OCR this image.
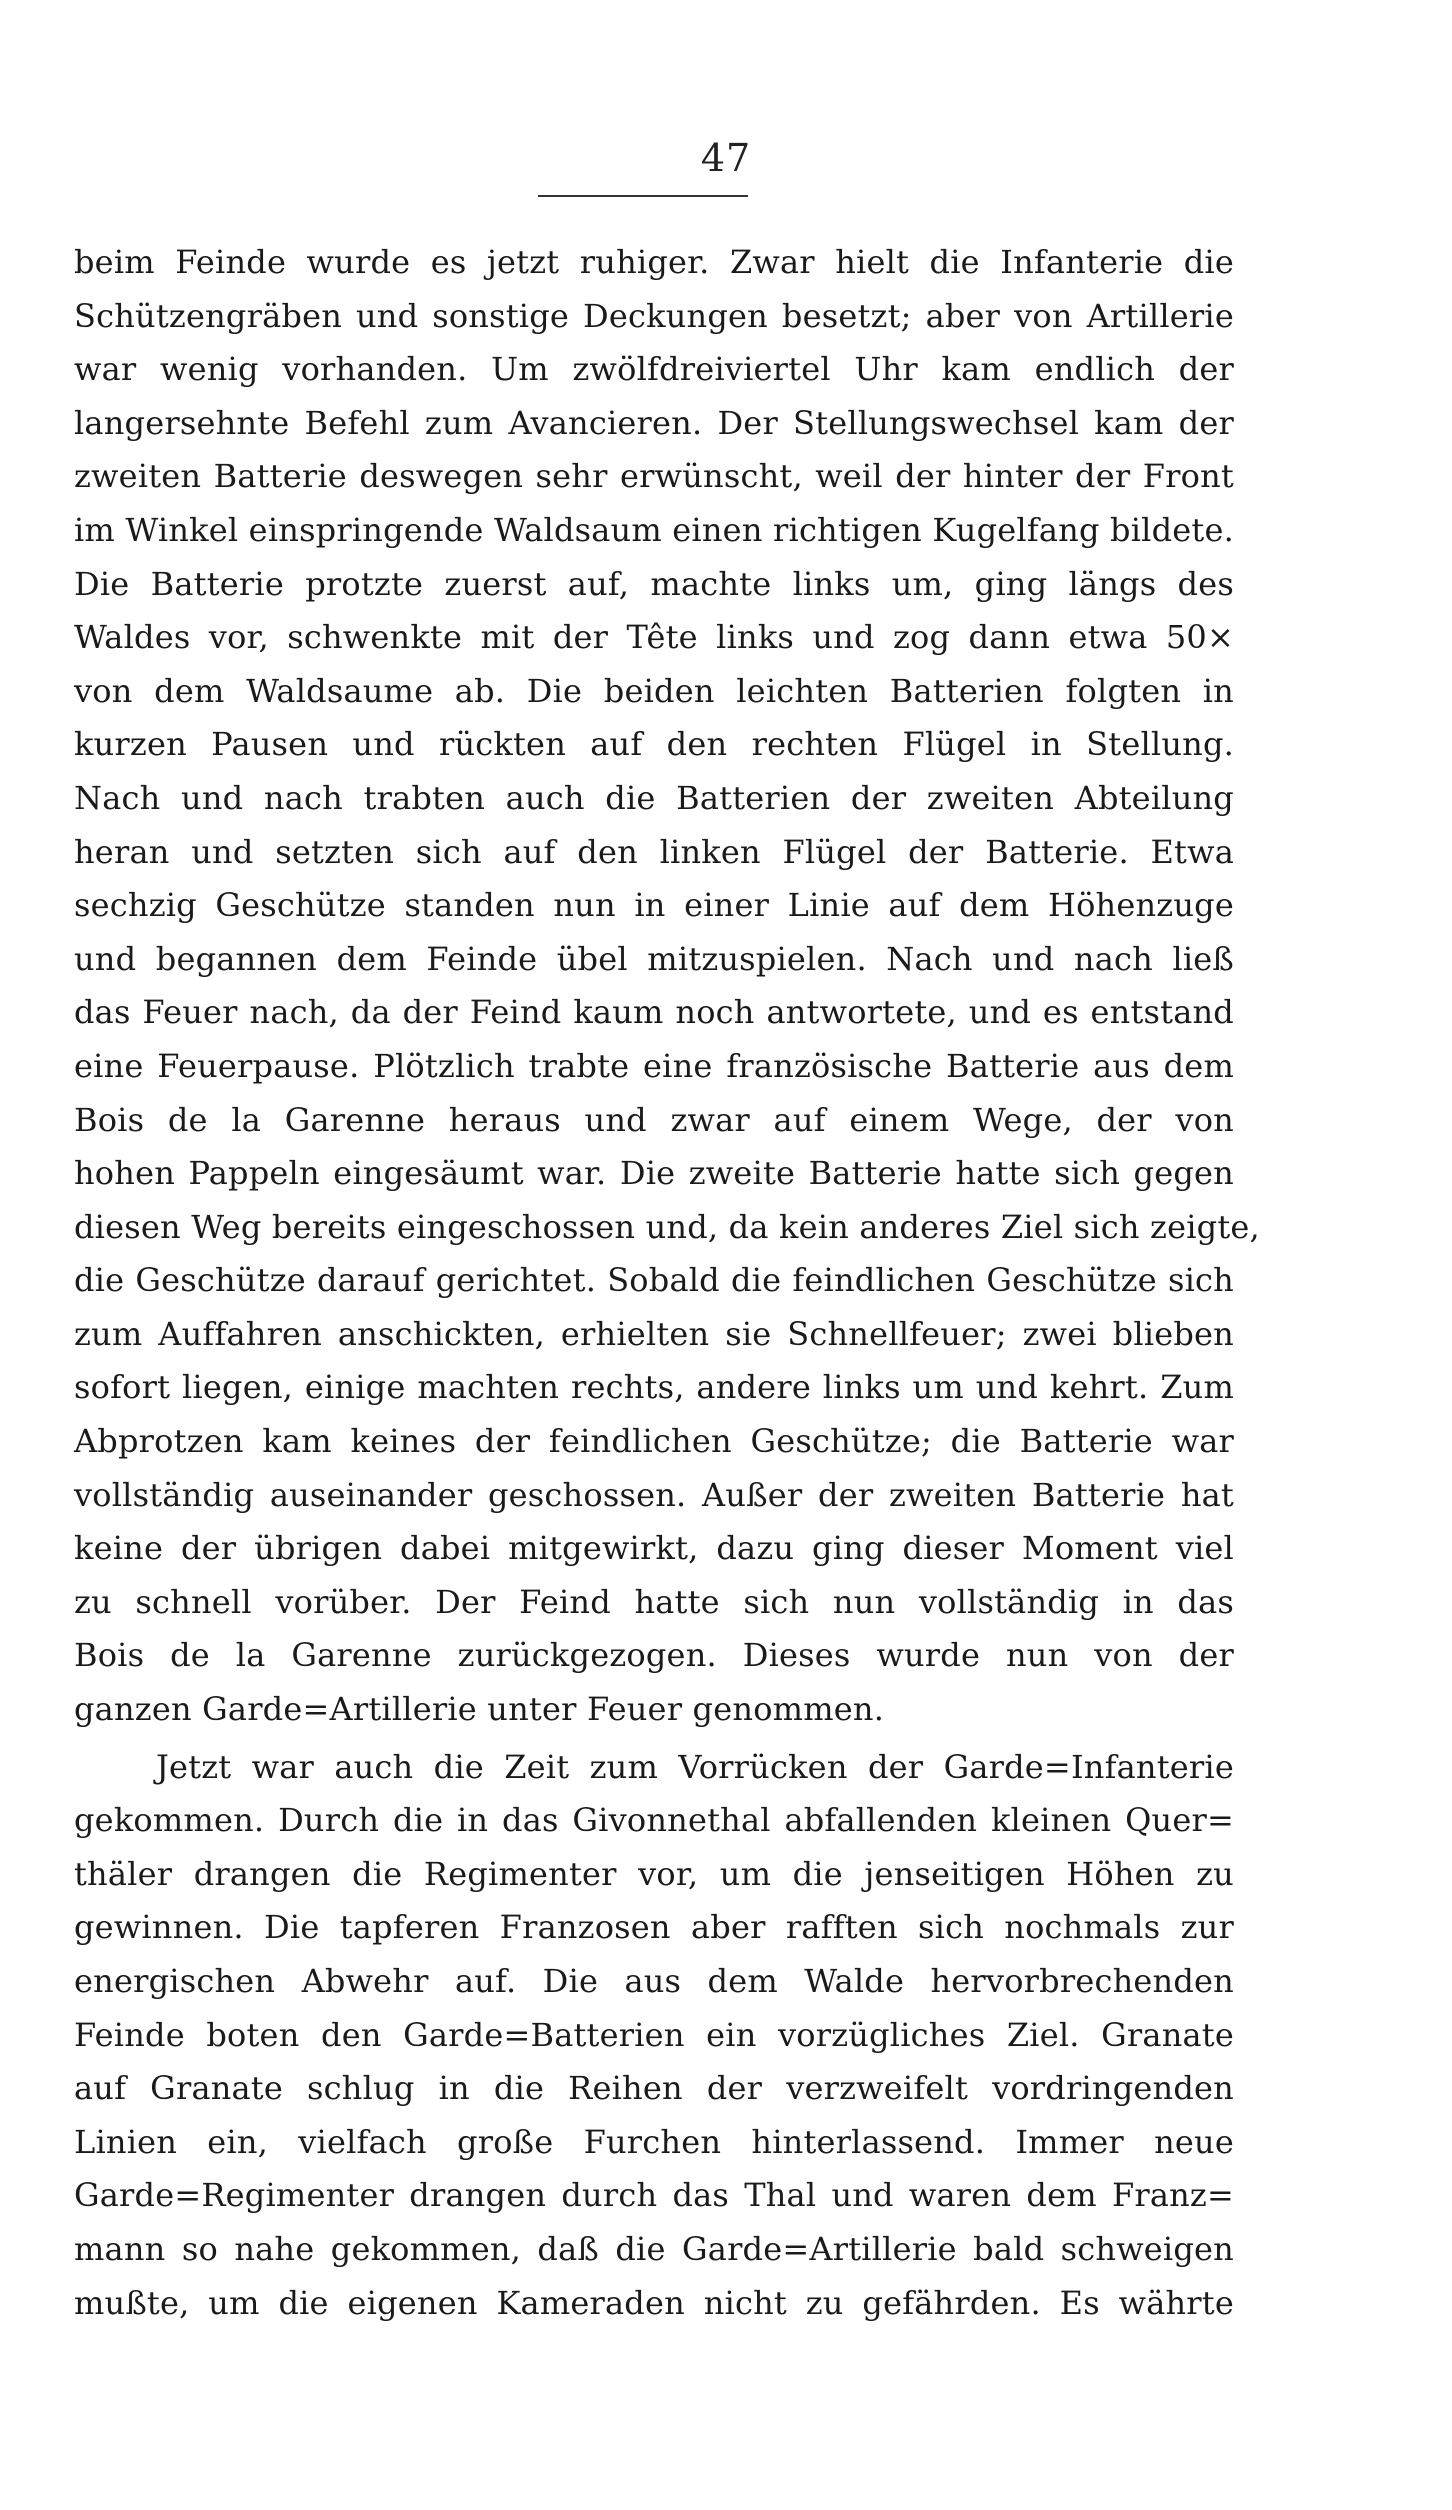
47
beim Feinde wurde es jetzt ruhiger. Zwar hielt die Infanterie die
Schützengräben und sonstige Deckungen besetzt; aber von Artillerie
war wenig vorhanden. Um zwölfdreiviertel Uhr kam endlich der
langersehnte Befehl zum Avancieren. Der Stellungswechsel kam der
zweiten Batterie deswegen sehr erwünscht, weil der hinter der Front
im Winkel einspringende Waldsaum einen richtigen Kugelfang bildete.
Die Batterie protzte zuerst auf, machte links um, ging längs des
Waldes vor, schwenkte mit der Tête links und zog dann etwa 50×
von dem Waldsaume ab. Die beiden leichten Batterien folgten in
kurzen Pausen und rückten auf den rechten Flügel in Stellung.
Nach und nach trabten auch die Batterien der zweiten Abteilung
heran und setzten sich auf den linken Flügel der Batterie. Etwa
sechzig Geschütze standen nun in einer Linie auf dem Höhenzuge
und begannen dem Feinde übel mitzuspielen. Nach und nach ließ
das Feuer nach, da der Feind kaum noch antwortete, und es entstand
eine Feuerpause. Plötzlich trabte eine französische Batterie aus dem
Bois de la Garenne heraus und zwar auf einem Wege, der von
hohen Pappeln eingesäumt war. Die zweite Batterie hatte sich gegen
diesen Weg bereits eingeschossen und, da kein anderes Ziel sich zeigte,
die Geschütze darauf gerichtet. Sobald die feindlichen Geschütze sich
zum Auffahren anschickten, erhielten sie Schnellfeuer; zwei blieben
sofort liegen, einige machten rechts, andere links um und kehrt. Zum
Abprotzen kam keines der feindlichen Geschütze; die Batterie war
vollständig auseinander geschossen. Außer der zweiten Batterie hat
keine der übrigen dabei mitgewirkt, dazu ging dieser Moment viel
zu schnell vorüber. Der Feind hatte sich nun vollständig in das
Bois de la Garenne zurückgezogen. Dieses wurde nun von der
ganzen Garde=Artillerie unter Feuer genommen.
Jetzt war auch die Zeit zum Vorrücken der Garde=Infanterie
gekommen. Durch die in das Givonnethal abfallenden kleinen Quer=
thäler drangen die Regimenter vor, um die jenseitigen Höhen zu
gewinnen. Die tapferen Franzosen aber rafften sich nochmals zur
energischen Abwehr auf. Die aus dem Walde hervorbrechenden
Feinde boten den Garde=Batterien ein vorzügliches Ziel. Granate
auf Granate schlug in die Reihen der verzweifelt vordringenden
Linien ein, vielfach große Furchen hinterlassend. Immer neue
Garde=Regimenter drangen durch das Thal und waren dem Franz=
mann so nahe gekommen, daß die Garde=Artillerie bald schweigen
mußte, um die eigenen Kameraden nicht zu gefährden. Es währte
